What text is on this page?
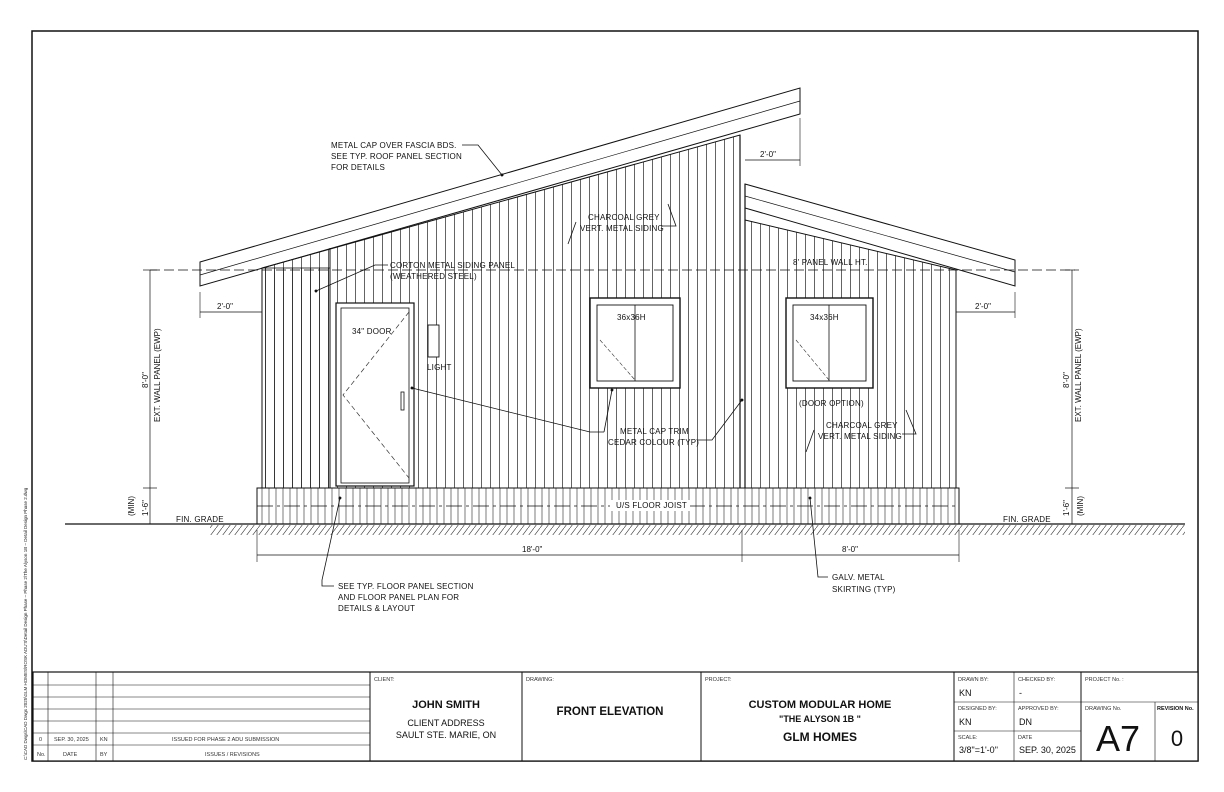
C:\CAD Dwgs\CAD Dwgs 2025\GLM HOMES\ROSK ADU'S\Detail Design Phase – Phase 2\The Alyson 1B – Detail Design Phase 2.dwg
34" DOOR
LIGHT
36x36H	34x36H
U/S FLOOR JOIST
METAL CAP OVER FASCIA BDS.
SEE TYP. ROOF PANEL SECTION
FOR DETAILS
CHARCOAL GREY
VERT. METAL SIDING
CORTON METAL SIDING PANEL
(WEATHERED STEEL)
8' PANEL WALL HT.
(DOOR OPTION)
METAL CAP TRIM
CEDAR COLOUR (TYP)
CHARCOAL GREY
VERT. METAL SIDING
FIN. GRADE	FIN. GRADE
SEE TYP. FLOOR PANEL SECTION
AND FLOOR PANEL PLAN FOR
DETAILS & LAYOUT
GALV. METAL
SKIRTING (TYP)
8'-0" EXT. WALL PANEL (EWP)
1'-6"
(MIN)
8'-0" EXT. WALL PANEL (EWP)
1'-6" (MIN)
2'-0"	2'-0"
2'-0"
18'-0"	8'-0"
0 SEP. 30, 2025 KN	ISSUED FOR PHASE 2 ADU SUBMISSION
No.	DATE	BY	ISSUES / REVISIONS
CLIENT:
JOHN SMITH
CLIENT ADDRESS
SAULT STE. MARIE, ON
DRAWING:
FRONT ELEVATION
PROJECT:
CUSTOM MODULAR HOME
"THE ALYSON 1B "
GLM HOMES
DRAWN BY:
KN
CHECKED BY:
-
DESIGNED BY:
KN
APPROVED BY:
DN
SCALE:
3/8"=1'-0"
DATE
SEP. 30, 2025
PROJECT No. :
DRAWING No.
A7
REVISION No.
0
